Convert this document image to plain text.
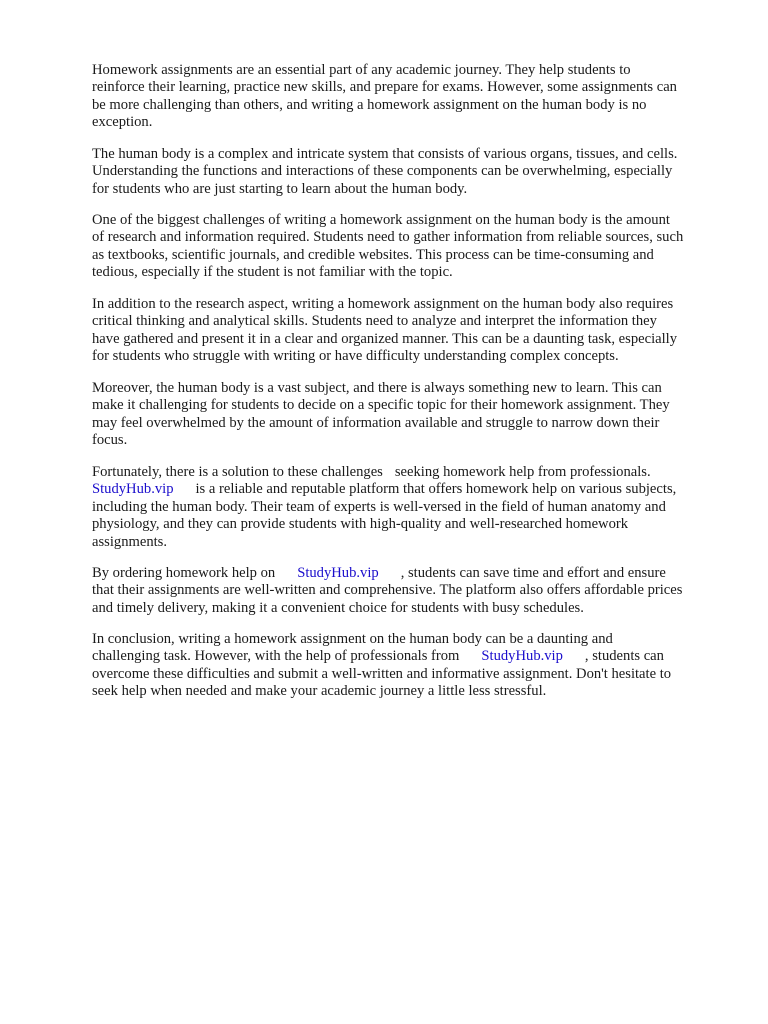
Homework assignments are an essential part of any academic journey. They help students to
reinforce their learning, practice new skills, and prepare for exams. However, some assignments can
be more challenging than others, and writing a homework assignment on the human body is no
exception.

The human body is a complex and intricate system that consists of various organs, tissues, and cells.
Understanding the functions and interactions of these components can be overwhelming, especially
for students who are just starting to learn about the human body.

One of the biggest challenges of writing a homework assignment on the human body is the amount
of research and information required. Students need to gather information from reliable sources, such
as textbooks, scientific journals, and credible websites. This process can be time-consuming and
tedious, especially if the student is not familiar with the topic.

In addition to the research aspect, writing a homework assignment on the human body also requires
critical thinking and analytical skills. Students need to analyze and interpret the information they
have gathered and present it in a clear and organized manner. This can be a daunting task, especially
for students who struggle with writing or have difficulty understanding complex concepts.

Moreover, the human body is a vast subject, and there is always something new to learn. This can
make it challenging for students to decide on a specific topic for their homework assignment. They
may feel overwhelmed by the amount of information available and struggle to narrow down their
focus.

Fortunately, there is a solution to these challenges seeking homework help from professionals.
StudyHub.vip is a reliable and reputable platform that offers homework help on various subjects,
including the human body. Their team of experts is well-versed in the field of human anatomy and
physiology, and they can provide students with high-quality and well-researched homework
assignments.

By ordering homework help on StudyHub.vip , students can save time and effort and ensure
that their assignments are well-written and comprehensive. The platform also offers affordable prices
and timely delivery, making it a convenient choice for students with busy schedules.

In conclusion, writing a homework assignment on the human body can be a daunting and
challenging task. However, with the help of professionals from StudyHub.vip , students can
overcome these difficulties and submit a well-written and informative assignment. Don't hesitate to
seek help when needed and make your academic journey a little less stressful.
